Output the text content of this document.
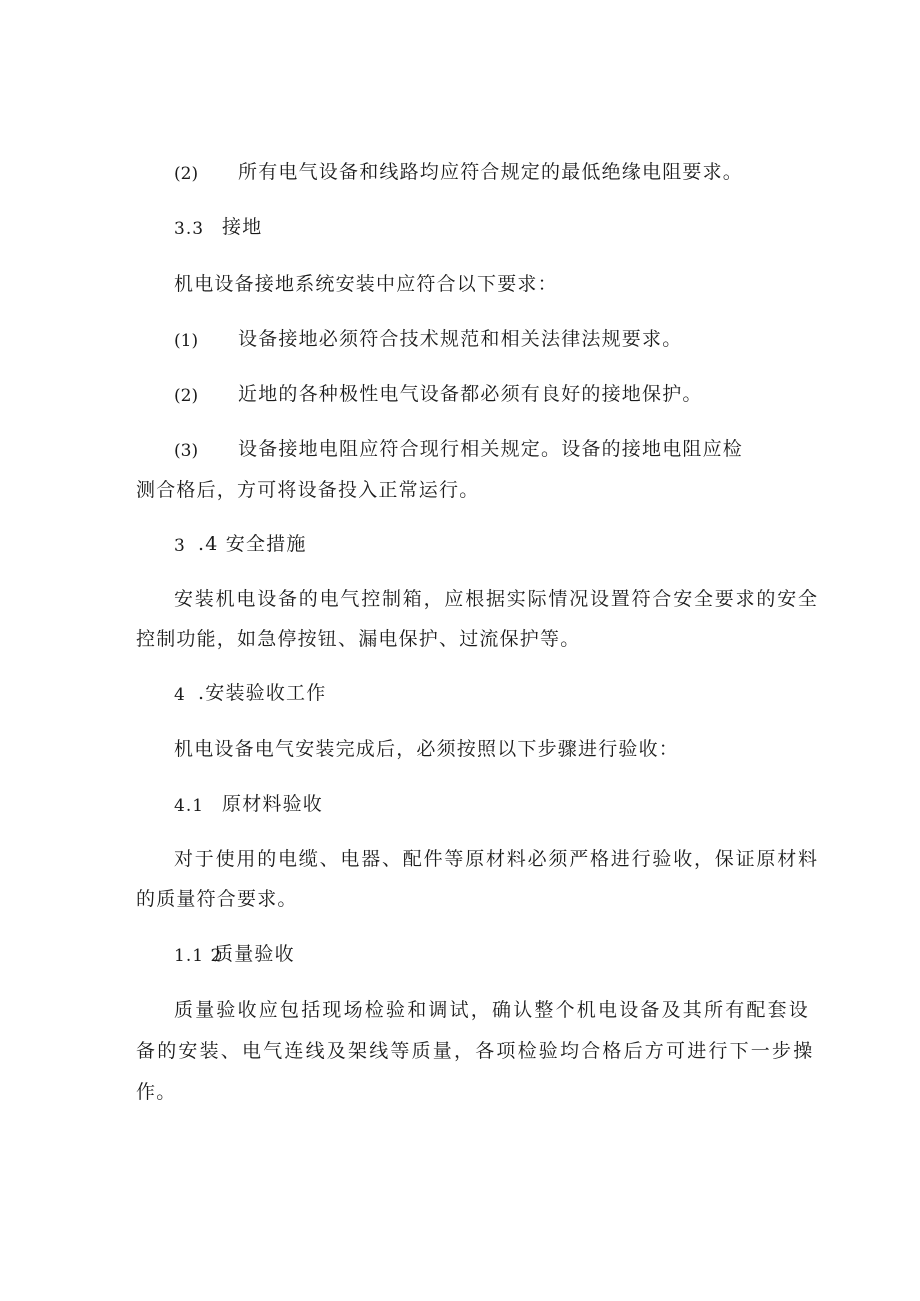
(2) 所有电气设备和线路均应符合规定的最低绝缘电阻要求。
3.3 接地

机电设备接地系统安装中应符合以下要求：

(1) 设备接地必须符合技术规范和相关法律法规要求。
(2) 近地的各种极性电气设备都必须有良好的接地保护。
(3) 设备接地电阻应符合现行相关规定。设备的接地电阻应检
测合格后，方可将设备投入正常运行。
3 .4 安全措施
安装机电设备的电气控制箱，应根据实际情况设置符合安全要求的安全
控制功能，如急停按钮、漏电保护、过流保护等。
4 .安装验收工作

机电设备电气安装完成后，必须按照以下步骤进行验收：

4.1 原材料验收
对于使用的电缆、电器、配件等原材料必须严格进行验收，保证原材料
的质量符合要求。
1.1 2
质量验收
质量验收应包括现场检验和调试，确认整个机电设备及其所有配套设
备的安装、电气连线及架线等质量，各项检验均合格后方可进行下一步操
作。
